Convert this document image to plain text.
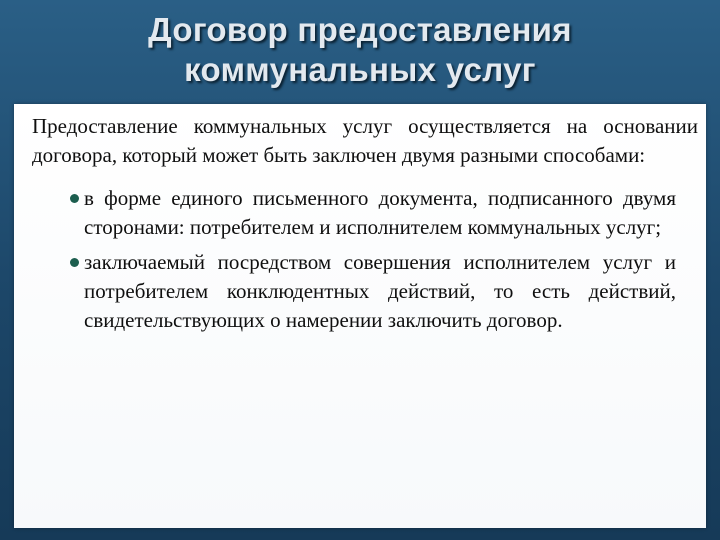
Договор предоставления
коммунальных услуг

Предоставление коммунальных услуг осуществляется на основании договора, который может быть заключен двумя разными способами:

в форме единого письменного документа, подписанного двумя сторонами: потребителем и исполнителем коммунальных услуг;
заключаемый посредством совершения исполнителем услуг и потребителем конклюдентных действий, то есть действий, свидетельствующих о намерении заключить договор.
